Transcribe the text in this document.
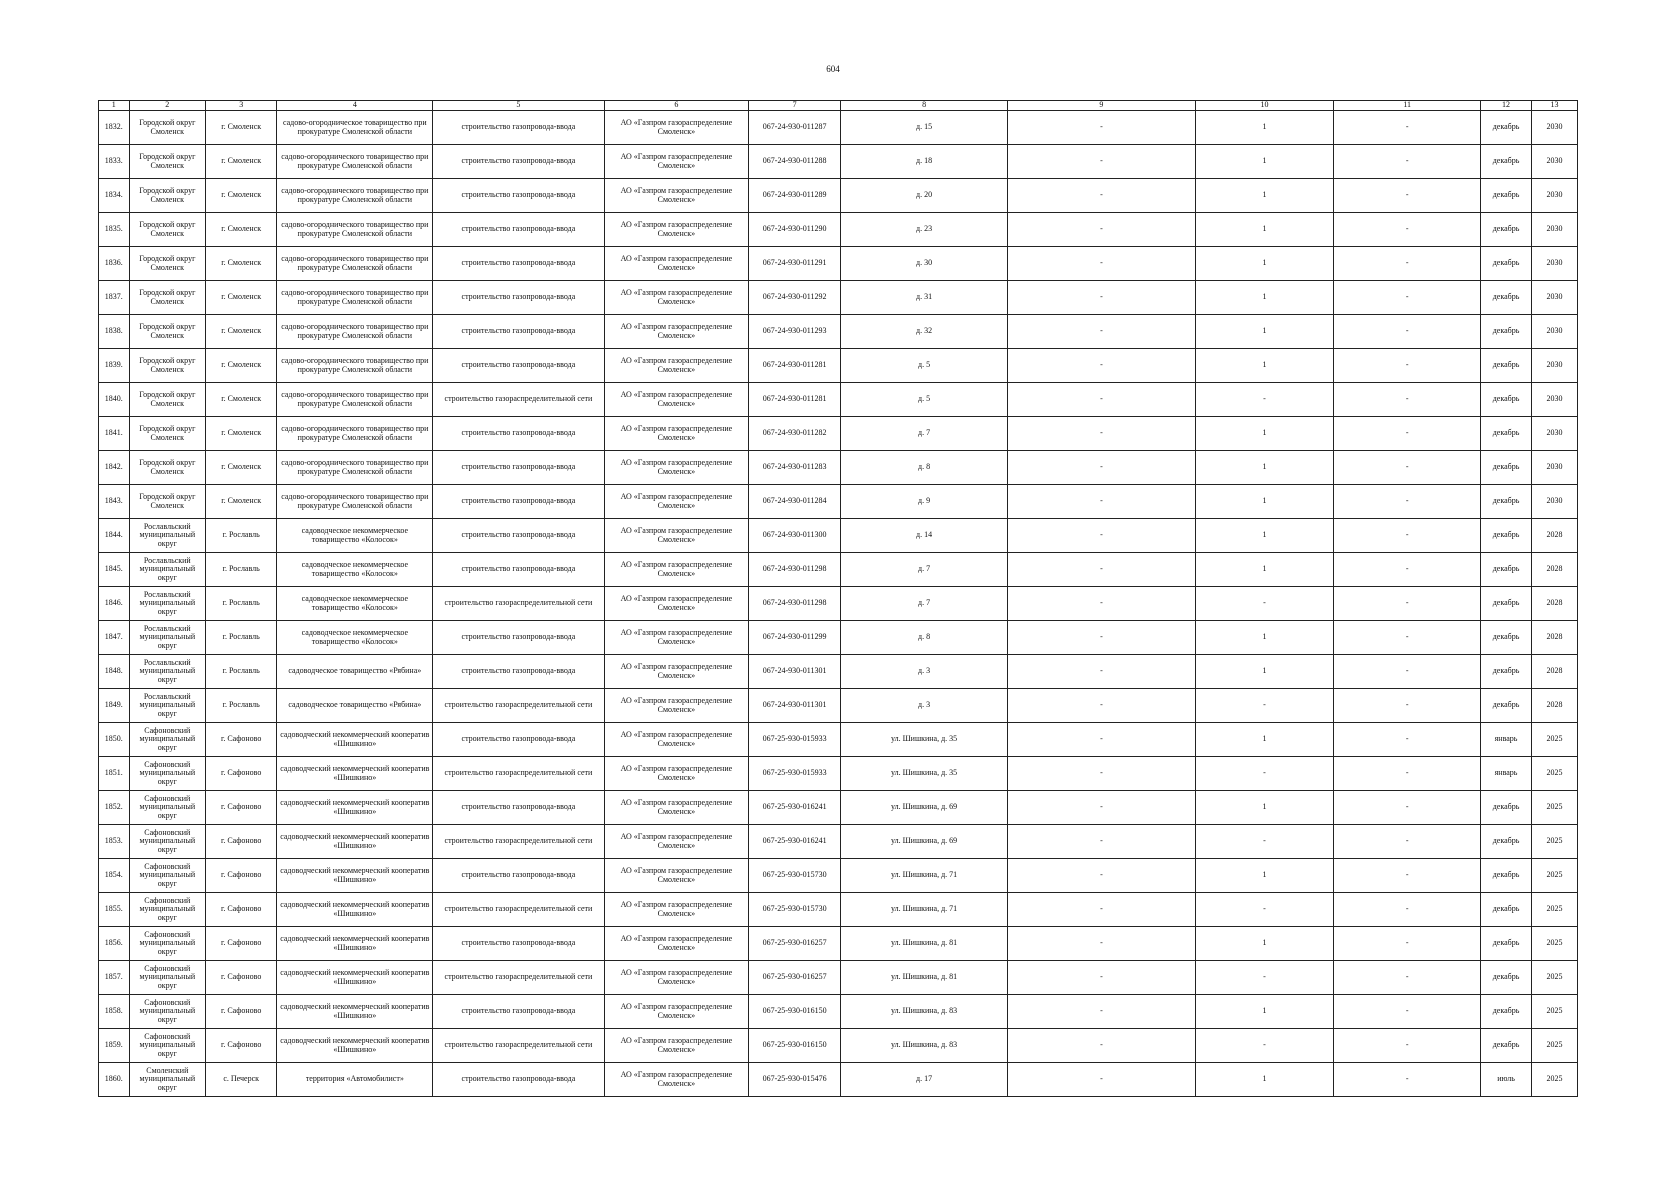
604
1	2	3	4	5	6	7	8	9	10	11	12	13
1832.	Городской округ Смоленск	г. Смоленск	садово-огородническое товарищество при прокуратуре Смоленской области	строительство газопровода-ввода	АО «Газпром газораспределение Смоленск»	067-24-930-011287	д. 15	-	1	-	декабрь	2030
1833.	Городской округ Смоленск	г. Смоленск	садово-огороднического товарищество при прокуратуре Смоленской области	строительство газопровода-ввода	АО «Газпром газораспределение Смоленск»	067-24-930-011288	д. 18	-	1	-	декабрь	2030
1834.	Городской округ Смоленск	г. Смоленск	садово-огороднического товарищество при прокуратуре Смоленской области	строительство газопровода-ввода	АО «Газпром газораспределение Смоленск»	067-24-930-011289	д. 20	-	1	-	декабрь	2030
1835.	Городской округ Смоленск	г. Смоленск	садово-огороднического товарищество при прокуратуре Смоленской области	строительство газопровода-ввода	АО «Газпром газораспределение Смоленск»	067-24-930-011290	д. 23	-	1	-	декабрь	2030
1836.	Городской округ Смоленск	г. Смоленск	садово-огороднического товарищество при прокуратуре Смоленской области	строительство газопровода-ввода	АО «Газпром газораспределение Смоленск»	067-24-930-011291	д. 30	-	1	-	декабрь	2030
1837.	Городской округ Смоленск	г. Смоленск	садово-огороднического товарищество при прокуратуре Смоленской области	строительство газопровода-ввода	АО «Газпром газораспределение Смоленск»	067-24-930-011292	д. 31	-	1	-	декабрь	2030
1838.	Городской округ Смоленск	г. Смоленск	садово-огороднического товарищество при прокуратуре Смоленской области	строительство газопровода-ввода	АО «Газпром газораспределение Смоленск»	067-24-930-011293	д. 32	-	1	-	декабрь	2030
1839.	Городской округ Смоленск	г. Смоленск	садово-огороднического товарищество при прокуратуре Смоленской области	строительство газопровода-ввода	АО «Газпром газораспределение Смоленск»	067-24-930-011281	д. 5	-	1	-	декабрь	2030
1840.	Городской округ Смоленск	г. Смоленск	садово-огороднического товарищество при прокуратуре Смоленской области	строительство газораспределительной сети	АО «Газпром газораспределение Смоленск»	067-24-930-011281	д. 5	-	-	-	декабрь	2030
1841.	Городской округ Смоленск	г. Смоленск	садово-огороднического товарищество при прокуратуре Смоленской области	строительство газопровода-ввода	АО «Газпром газораспределение Смоленск»	067-24-930-011282	д. 7	-	1	-	декабрь	2030
1842.	Городской округ Смоленск	г. Смоленск	садово-огороднического товарищество при прокуратуре Смоленской области	строительство газопровода-ввода	АО «Газпром газораспределение Смоленск»	067-24-930-011283	д. 8	-	1	-	декабрь	2030
1843.	Городской округ Смоленск	г. Смоленск	садово-огороднического товарищество при прокуратуре Смоленской области	строительство газопровода-ввода	АО «Газпром газораспределение Смоленск»	067-24-930-011284	д. 9	-	1	-	декабрь	2030
1844.	Рославльский муниципальный округ	г. Рославль	садоводческое некоммерческое товарищество «Колосок»	строительство газопровода-ввода	АО «Газпром газораспределение Смоленск»	067-24-930-011300	д. 14	-	1	-	декабрь	2028
1845.	Рославльский муниципальный округ	г. Рославль	садоводческое некоммерческое товарищество «Колосок»	строительство газопровода-ввода	АО «Газпром газораспределение Смоленск»	067-24-930-011298	д. 7	-	1	-	декабрь	2028
1846.	Рославльский муниципальный округ	г. Рославль	садоводческое некоммерческое товарищество «Колосок»	строительство газораспределительной сети	АО «Газпром газораспределение Смоленск»	067-24-930-011298	д. 7	-	-	-	декабрь	2028
1847.	Рославльский муниципальный округ	г. Рославль	садоводческое некоммерческое товарищество «Колосок»	строительство газопровода-ввода	АО «Газпром газораспределение Смоленск»	067-24-930-011299	д. 8	-	1	-	декабрь	2028
1848.	Рославльский муниципальный округ	г. Рославль	садоводческое товарищество «Рябина»	строительство газопровода-ввода	АО «Газпром газораспределение Смоленск»	067-24-930-011301	д. 3	-	1	-	декабрь	2028
1849.	Рославльский муниципальный округ	г. Рославль	садоводческое товарищество «Рябина»	строительство газораспределительной сети	АО «Газпром газораспределение Смоленск»	067-24-930-011301	д. 3	-	-	-	декабрь	2028
1850.	Сафоновский муниципальный округ	г. Сафоново	садоводческий некоммерческий кооператив «Шишкино»	строительство газопровода-ввода	АО «Газпром газораспределение Смоленск»	067-25-930-015933	ул. Шишкина, д. 35	-	1	-	январь	2025
1851.	Сафоновский муниципальный округ	г. Сафоново	садоводческий некоммерческий кооператив «Шишкино»	строительство газораспределительной сети	АО «Газпром газораспределение Смоленск»	067-25-930-015933	ул. Шишкина, д. 35	-	-	-	январь	2025
1852.	Сафоновский муниципальный округ	г. Сафоново	садоводческий некоммерческий кооператив «Шишкино»	строительство газопровода-ввода	АО «Газпром газораспределение Смоленск»	067-25-930-016241	ул. Шишкина, д. 69	-	1	-	декабрь	2025
1853.	Сафоновский муниципальный округ	г. Сафоново	садоводческий некоммерческий кооператив «Шишкино»	строительство газораспределительной сети	АО «Газпром газораспределение Смоленск»	067-25-930-016241	ул. Шишкина, д. 69	-	-	-	декабрь	2025
1854.	Сафоновский муниципальный округ	г. Сафоново	садоводческий некоммерческий кооператив «Шишкино»	строительство газопровода-ввода	АО «Газпром газораспределение Смоленск»	067-25-930-015730	ул. Шишкина, д. 71	-	1	-	декабрь	2025
1855.	Сафоновский муниципальный округ	г. Сафоново	садоводческий некоммерческий кооператив «Шишкино»	строительство газораспределительной сети	АО «Газпром газораспределение Смоленск»	067-25-930-015730	ул. Шишкина, д. 71	-	-	-	декабрь	2025
1856.	Сафоновский муниципальный округ	г. Сафоново	садоводческий некоммерческий кооператив «Шишкино»	строительство газопровода-ввода	АО «Газпром газораспределение Смоленск»	067-25-930-016257	ул. Шишкина, д. 81	-	1	-	декабрь	2025
1857.	Сафоновский муниципальный округ	г. Сафоново	садоводческий некоммерческий кооператив «Шишкино»	строительство газораспределительной сети	АО «Газпром газораспределение Смоленск»	067-25-930-016257	ул. Шишкина, д. 81	-	-	-	декабрь	2025
1858.	Сафоновский муниципальный округ	г. Сафоново	садоводческий некоммерческий кооператив «Шишкино»	строительство газопровода-ввода	АО «Газпром газораспределение Смоленск»	067-25-930-016150	ул. Шишкина, д. 83	-	1	-	декабрь	2025
1859.	Сафоновский муниципальный округ	г. Сафоново	садоводческий некоммерческий кооператив «Шишкино»	строительство газораспределительной сети	АО «Газпром газораспределение Смоленск»	067-25-930-016150	ул. Шишкина, д. 83	-	-	-	декабрь	2025
1860.	Смоленский муниципальный округ	с. Печерск	территория «Автомобилист»	строительство газопровода-ввода	АО «Газпром газораспределение Смоленск»	067-25-930-015476	д. 17	-	1	-	июль	2025
